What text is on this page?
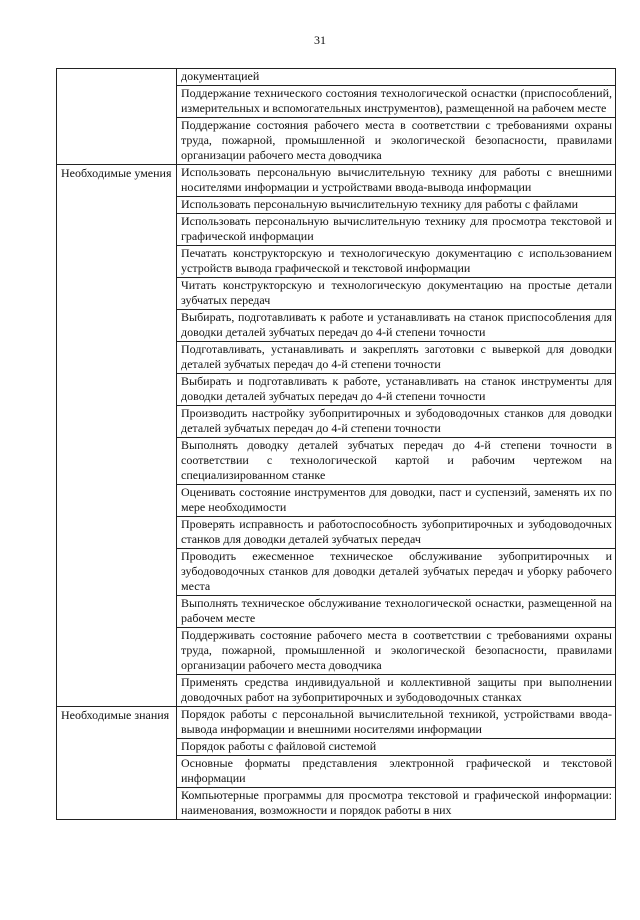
31
	документацией
	Поддержание технического состояния технологической оснастки (приспособлений, измерительных и вспомогательных инструментов), размещенной на рабочем месте
	Поддержание состояния рабочего места в соответствии с требованиями охраны труда, пожарной, промышленной и экологической безопасности, правилами организации рабочего места доводчика
Необходимые умения	Использовать персональную вычислительную технику для работы с внешними носителями информации и устройствами ввода-вывода информации
	Использовать персональную вычислительную технику для работы с файлами
	Использовать персональную вычислительную технику для просмотра текстовой и графической информации
	Печатать конструкторскую и технологическую документацию с использованием устройств вывода графической и текстовой информации
	Читать конструкторскую и технологическую документацию на простые детали зубчатых передач
	Выбирать, подготавливать к работе и устанавливать на станок приспособления для доводки деталей зубчатых передач до 4-й степени точности
	Подготавливать, устанавливать и закреплять заготовки с выверкой для доводки деталей зубчатых передач до 4-й степени точности
	Выбирать и подготавливать к работе, устанавливать на станок инструменты для доводки деталей зубчатых передач до 4-й степени точности
	Производить настройку зубопритирочных и зубодоводочных станков для доводки деталей зубчатых передач до 4-й степени точности
	Выполнять доводку деталей зубчатых передач до 4-й степени точности в соответствии с технологической картой и рабочим чертежом на специализированном станке
	Оценивать состояние инструментов для доводки, паст и суспензий, заменять их по мере необходимости
	Проверять исправность и работоспособность зубопритирочных и зубодоводочных станков для доводки деталей зубчатых передач
	Проводить ежесменное техническое обслуживание зубопритирочных и зубодоводочных станков для доводки деталей зубчатых передач и уборку рабочего места
	Выполнять техническое обслуживание технологической оснастки, размещенной на рабочем месте
	Поддерживать состояние рабочего места в соответствии с требованиями охраны труда, пожарной, промышленной и экологической безопасности, правилами организации рабочего места доводчика
	Применять средства индивидуальной и коллективной защиты при выполнении доводочных работ на зубопритирочных и зубодоводочных станках
Необходимые знания	Порядок работы с персональной вычислительной техникой, устройствами ввода-вывода информации и внешними носителями информации
	Порядок работы с файловой системой
	Основные форматы представления электронной графической и текстовой информации
	Компьютерные программы для просмотра текстовой и графической информации: наименования, возможности и порядок работы в них
